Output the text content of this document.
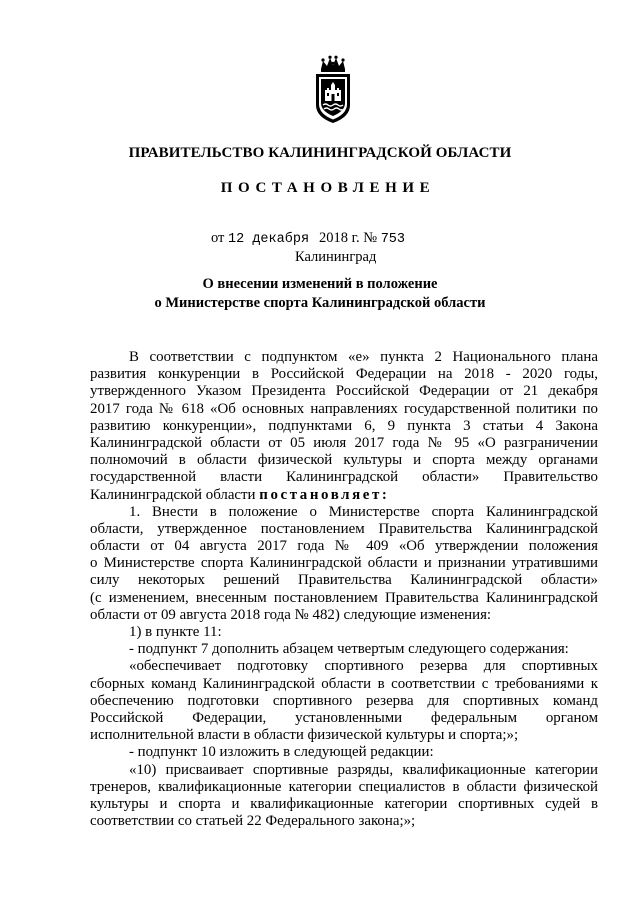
ПРАВИТЕЛЬСТВО КАЛИНИНГРАДСКОЙ ОБЛАСТИ
ПОСТАНОВЛЕНИЕ
от 12 декабря 2018 г. № 753
Калининград
О внесении изменений в положение
о Министерстве спорта Калининградской области
В соответствии с подпунктом «е» пункта 2 Национального плана
развития конкуренции в Российской Федерации на 2018 - 2020 годы,
утвержденного Указом Президента Российской Федерации от 21 декабря
2017 года № 618 «Об основных направлениях государственной политики по
развитию конкуренции», подпунктами 6, 9 пункта 3 статьи 4 Закона
Калининградской области от 05 июля 2017 года № 95 «О разграничении
полномочий в области физической культуры и спорта между органами
государственной власти Калининградской области» Правительство
Калининградской области постановляет:
1. Внести в положение о Министерстве спорта Калининградской
области, утвержденное постановлением Правительства Калининградской
области от 04 августа 2017 года № 409 «Об утверждении положения
о Министерстве спорта Калининградской области и признании утратившими
силу некоторых решений Правительства Калининградской области»
(с изменением, внесенным постановлением Правительства Калининградской
области от 09 августа 2018 года № 482) следующие изменения:
1) в пункте 11:
- подпункт 7 дополнить абзацем четвертым следующего содержания:
«обеспечивает подготовку спортивного резерва для спортивных
сборных команд Калининградской области в соответствии с требованиями к
обеспечению подготовки спортивного резерва для спортивных команд
Российской Федерации, установленными федеральным органом
исполнительной власти в области физической культуры и спорта;»;
- подпункт 10 изложить в следующей редакции:
«10) присваивает спортивные разряды, квалификационные категории
тренеров, квалификационные категории специалистов в области физической
культуры и спорта и квалификационные категории спортивных судей в
соответствии со статьей 22 Федерального закона;»;
